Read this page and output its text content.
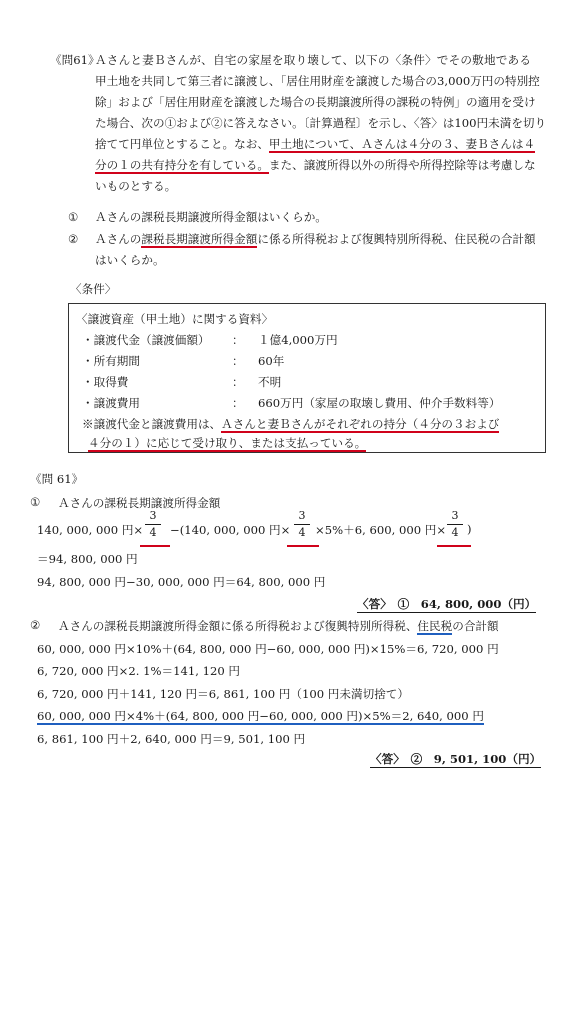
《問61》
Ａさんと妻Ｂさんが、自宅の家屋を取り壊して、以下の〈条件〉でその敷地である
甲土地を共同して第三者に譲渡し、「居住用財産を譲渡した場合の3,000万円の特別控
除」および「居住用財産を譲渡した場合の長期譲渡所得の課税の特例」の適用を受け
た場合、次の①および②に答えなさい。〔計算過程〕を示し、〈答〉は100円未満を切り
捨てて円単位とすること。なお、甲土地について、Ａさんは４分の３、妻Ｂさんは４
分の１の共有持分を有している。また、譲渡所得以外の所得や所得控除等は考慮しな
いものとする。
① Ａさんの課税長期譲渡所得金額はいくらか。
② Ａさんの課税長期譲渡所得金額に係る所得税および復興特別所得税、住民税の合計額
はいくらか。
〈条件〉
〈譲渡資産（甲土地）に関する資料〉
・譲渡代金（譲渡価額） ： １億4,000万円
・所有期間	： 60年
・取得費	： 不明
・譲渡費用	： 660万円（家屋の取壊し費用、仲介手数料等）
※譲渡代金と譲渡費用は、Ａさんと妻Ｂさんがそれぞれの持分（４分の３および
４分の１）に応じて受け取り、または支払っている。
《問 61》
① Ａさんの課税長期譲渡所得金額
140, 000, 000 円×
3
4	−(140, 000, 000 円×
3
4 ×5%＋6, 600, 000 円×
3
4 )
＝94, 800, 000 円
94, 800, 000 円−30, 000, 000 円＝64, 800, 000 円
〈答〉　①　64, 800, 000（円）
② Ａさんの課税長期譲渡所得金額に係る所得税および復興特別所得税、住民税の合計額
60, 000, 000 円×10%＋(64, 800, 000 円−60, 000, 000 円)×15%＝6, 720, 000 円
6, 720, 000 円×2. 1%＝141, 120 円
6, 720, 000 円＋141, 120 円＝6, 861, 100 円（100 円未満切捨て）
60, 000, 000 円×4%＋(64, 800, 000 円−60, 000, 000 円)×5%＝2, 640, 000 円
6, 861, 100 円＋2, 640, 000 円＝9, 501, 100 円
〈答〉　②　9, 501, 100（円）
